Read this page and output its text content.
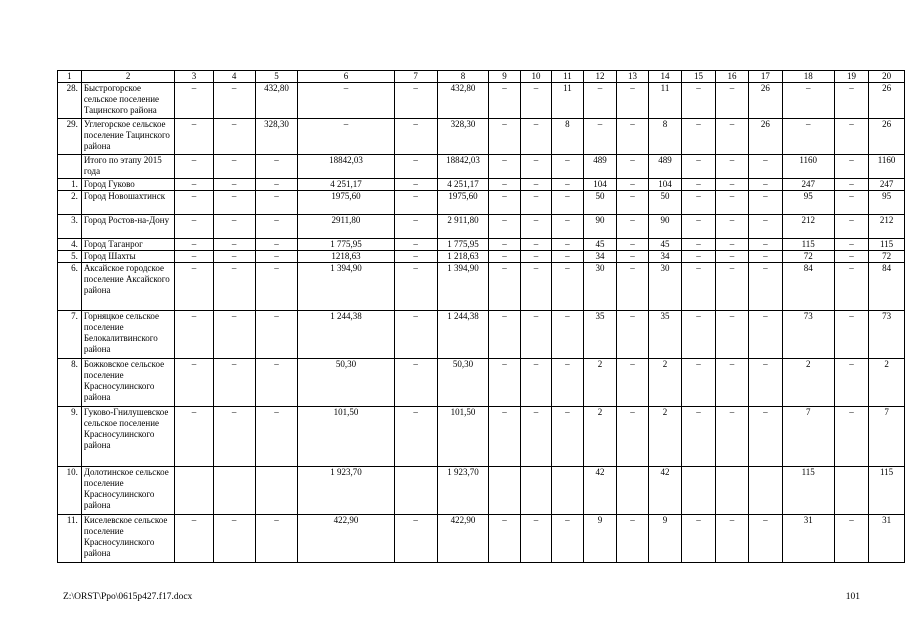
1	2	3	4	5	6	7	8	9	10	11	12	13	14	15	16	17	18	19	20
28.	Быстрогорское сельское поселение Тацинского района	–	–	432,80	–	–	432,80	–	–	11	–	–	11	–	–	26	–	–	26
29.	Углегорское сельское поселение Тацинского района	–	–	328,30	–	–	328,30	–	–	8	–	–	8	–	–	26	–	–	26
	Итого по этапу 2015 года	–	–	–	18842,03	–	18842,03	–	–	–	489	–	489	–	–	–	1160	–	1160
1.	Город Гуково	–	–	–	4 251,17	–	4 251,17	–	–	–	104	–	104	–	–	–	247	–	247
2.	Город Новошахтинск	–	–	–	1975,60	–	1975,60	–	–	–	50	–	50	–	–	–	95	–	95
3.	Город Ростов-на-Дону	–	–	–	2911,80	–	2 911,80	–	–	–	90	–	90	–	–	–	212	–	212
4.	Город Таганрог	–	–	–	1 775,95	–	1 775,95	–	–	–	45	–	45	–	–	–	115	–	115
5.	Город Шахты	–	–	–	1218,63	–	1 218,63	–	–	–	34	–	34	–	–	–	72	–	72
6.	Аксайское городское поселение Аксайского района	–	–	–	1 394,90	–	1 394,90	–	–	–	30	–	30	–	–	–	84	–	84
7.	Горняцкое сельское поселение Белокалитвинского района	–	–	–	1 244,38	–	1 244,38	–	–	–	35	–	35	–	–	–	73	–	73
8.	Божковское сельское поселение Красносулинского района	–	–	–	50,30	–	50,30	–	–	–	2	–	2	–	–	–	2	–	2
9.	Гуково-Гнилушевское сельское поселение Красносулинского района	–	–	–	101,50	–	101,50	–	–	–	2	–	2	–	–	–	7	–	7
10.	Долотинское сельское поселение Красносулинского района				1 923,70		1 923,70				42		42				115		115
11.	Киселевское сельское поселение Красносулинского района	–	–	–	422,90	–	422,90	–	–	–	9	–	9	–	–	–	31	–	31
Z:\ORST\Ppo\0615p427.f17.docx	101
